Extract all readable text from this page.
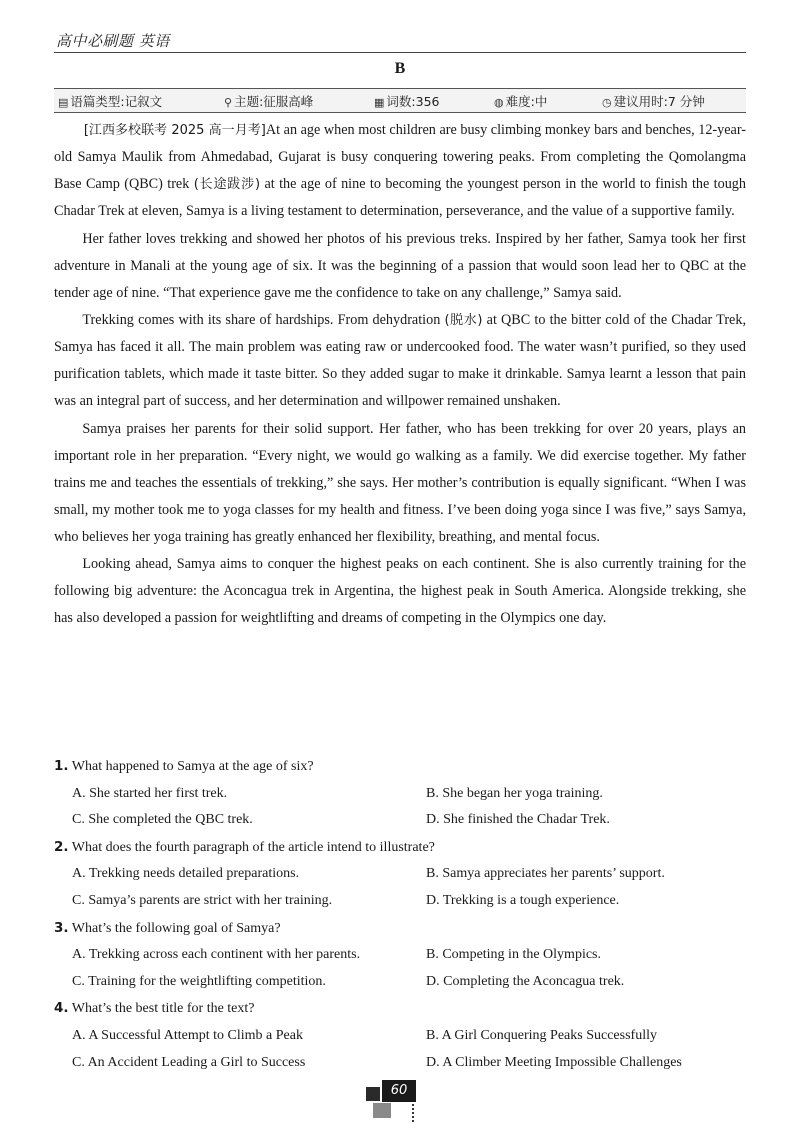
高中必刷题 英语
B
▤ 语篇类型:记叙文	⚲ 主题:征服高峰	▦ 词数:356	◍ 难度:中	◷ 建议用时:7 分钟

[江西多校联考 2025 高一月考]At an age when most children are busy climbing monkey bars and benches, 12-year-old Samya Maulik from Ahmedabad, Gujarat is busy conquering towering peaks. From completing the Qomolangma Base Camp (QBC) trek (长途跋涉) at the age of nine to becoming the youngest person in the world to finish the tough Chadar Trek at eleven, Samya is a living testament to determination, perseverance, and the value of a supportive family.

Her father loves trekking and showed her photos of his previous treks. Inspired by her father, Samya took her first adventure in Manali at the young age of six. It was the beginning of a passion that would soon lead her to QBC at the tender age of nine. “That experience gave me the confidence to take on any challenge,” Samya said.

Trekking comes with its share of hardships. From dehydration (脱水) at QBC to the bitter cold of the Chadar Trek, Samya has faced it all. The main problem was eating raw or undercooked food. The water wasn’t purified, so they used purification tablets, which made it taste bitter. So they added sugar to make it drinkable. Samya learnt a lesson that pain was an integral part of success, and her determination and willpower remained unshaken.

Samya praises her parents for their solid support. Her father, who has been trekking for over 20 years, plays an important role in her preparation. “Every night, we would go walking as a family. We did exercise together. My father trains me and teaches the essentials of trekking,” she says. Her mother’s contribution is equally significant. “When I was small, my mother took me to yoga classes for my health and fitness. I’ve been doing yoga since I was five,” says Samya, who believes her yoga training has greatly enhanced her flexibility, breathing, and mental focus.

Looking ahead, Samya aims to conquer the highest peaks on each continent. She is also currently training for the following big adventure: the Aconcagua trek in Argentina, the highest peak in South America. Alongside trekking, she has also developed a passion for weightlifting and dreams of competing in the Olympics one day.

1. What happened to Samya at the age of six?
A. She started her first trek.	B. She began her yoga training.
C. She completed the QBC trek.	D. She finished the Chadar Trek.
2. What does the fourth paragraph of the article intend to illustrate?
A. Trekking needs detailed preparations.	B. Samya appreciates her parents’ support.
C. Samya’s parents are strict with her training.	D. Trekking is a tough experience.
3. What’s the following goal of Samya?
A. Trekking across each continent with her parents.	B. Competing in the Olympics.
C. Training for the weightlifting competition.	D. Completing the Aconcagua trek.
4. What’s the best title for the text?
A. A Successful Attempt to Climb a Peak	B. A Girl Conquering Peaks Successfully
C. An Accident Leading a Girl to Success	D. A Climber Meeting Impossible Challenges
60
